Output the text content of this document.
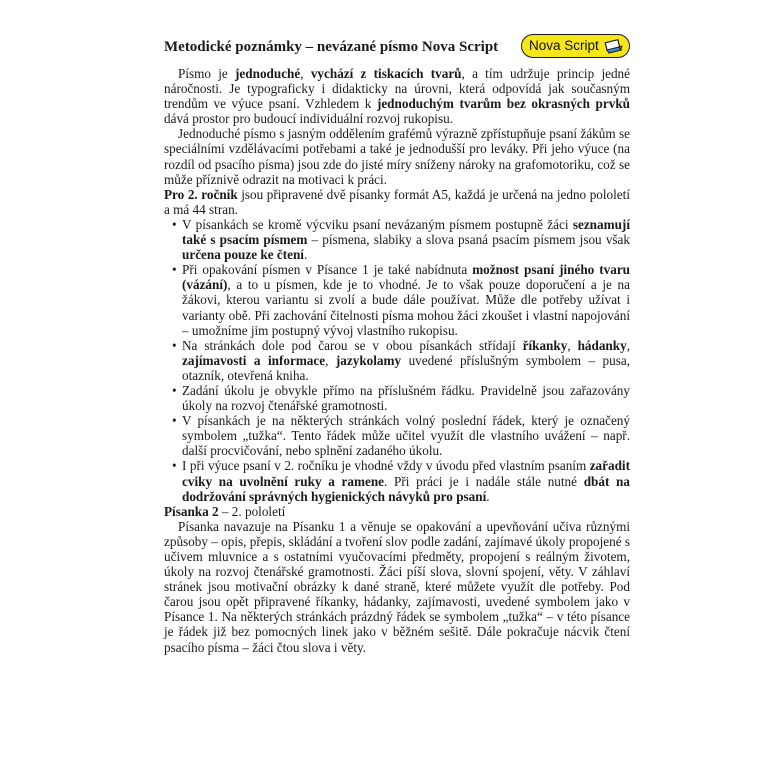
Nova Script
Metodické poznámky – nevázané písmo Nova Script

Písmo je jednoduché, vychází z tiskacích tvarů, a tím udržuje princip jedné náročnosti. Je typograficky i didakticky na úrovni, která odpovídá jak současným trendům ve výuce psaní. Vzhledem k jednoduchým tvarům bez okrasných prvků dává prostor pro budoucí individuální rozvoj rukopisu.

Jednoduché písmo s jasným oddělením grafémů výrazně zpřístupňuje psaní žákům se speciálními vzdělávacími potřebami a také je jednodušší pro leváky. Při jeho výuce (na rozdíl od psacího písma) jsou zde do jisté míry sníženy nároky na grafomotoriku, což se může příznivě odrazit na motivaci k práci.

Pro 2. ročník jsou připravené dvě písanky formát A5, každá je určená na jedno pololetí a má 44 stran.

• V písankách se kromě výcviku psaní nevázaným písmem postupně žáci seznamují také s psacím písmem – písmena, slabiky a slova psaná psacím písmem jsou však určena pouze ke čtení.
• Při opakování písmen v Písance 1 je také nabídnuta možnost psaní jiného tvaru (vázání), a to u písmen, kde je to vhodné. Je to však pouze doporučení a je na žákovi, kterou variantu si zvolí a bude dále používat. Může dle potřeby užívat i varianty obě. Při zachování čitelnosti písma mohou žáci zkoušet i vlastní napojování – umožníme jim postupný vývoj vlastního rukopisu.
• Na stránkách dole pod čarou se v obou písankách střídají říkanky, hádanky, zajímavosti a informace, jazykolamy uvedené příslušným symbolem – pusa, otazník, otevřená kniha.
• Zadání úkolu je obvykle přímo na příslušném řádku. Pravidelně jsou zařazovány úkoly na rozvoj čtenářské gramotnosti.
• V písankách je na některých stránkách volný poslední řádek, který je označený symbolem „tužka“. Tento řádek může učitel využít dle vlastního uvážení – např. další procvičování, nebo splnění zadaného úkolu.
• I při výuce psaní v 2. ročníku je vhodné vždy v úvodu před vlastním psaním zařadit cviky na uvolnění ruky a ramene. Při práci je i nadále stále nutné dbát na dodržování správných hygienických návyků pro psaní.

Písanka 2 – 2. pololetí

Písanka navazuje na Písanku 1 a věnuje se opakování a upevňování učiva různými způsoby – opis, přepis, skládání a tvoření slov podle zadání, zajímavé úkoly propojené s učivem mluvnice a s ostatními vyučovacími předměty, propojení s reálným životem, úkoly na rozvoj čtenářské gramotnosti. Žáci píší slova, slovní spojení, věty. V záhlaví stránek jsou motivační obrázky k dané straně, které můžete využít dle potřeby. Pod čarou jsou opět připravené říkanky, hádanky, zajímavosti, uvedené symbolem jako v Písance 1. Na některých stránkách prázdný řádek se symbolem „tužka“ – v této písance je řádek již bez pomocných linek jako v běžném sešitě. Dále pokračuje nácvik čtení psacího písma – žáci čtou slova i věty.
